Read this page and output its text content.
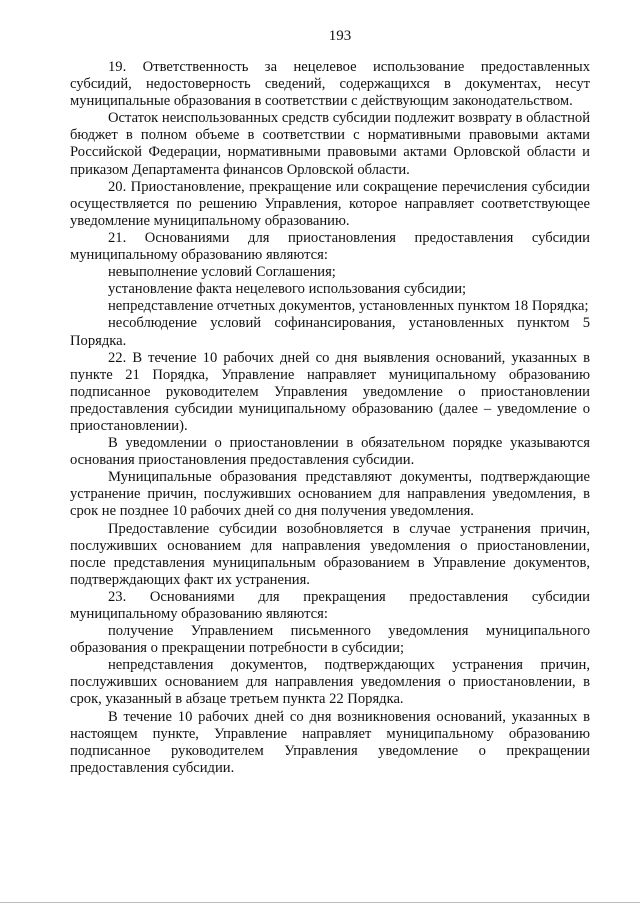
193

19. Ответственность за нецелевое использование предоставленных субсидий, недостоверность сведений, содержащихся в документах, несут муниципальные образования в соответствии с действующим законодательством.

Остаток неиспользованных средств субсидии подлежит возврату в областной бюджет в полном объеме в соответствии с нормативными правовыми актами Российской Федерации, нормативными правовыми актами Орловской области и приказом Департамента финансов Орловской области.

20. Приостановление, прекращение или сокращение перечисления субсидии осуществляется по решению Управления, которое направляет соответствующее уведомление муниципальному образованию.

21. Основаниями для приостановления предоставления субсидии муниципальному образованию являются:

невыполнение условий Соглашения;

установление факта нецелевого использования субсидии;

непредставление отчетных документов, установленных пунктом 18 Порядка;

несоблюдение условий софинансирования, установленных пунктом 5 Порядка.

22. В течение 10 рабочих дней со дня выявления оснований, указанных в пункте 21 Порядка, Управление направляет муниципальному образованию подписанное руководителем Управления уведомление о приостановлении предоставления субсидии муниципальному образованию (далее – уведомление о приостановлении).

В уведомлении о приостановлении в обязательном порядке указываются основания приостановления предоставления субсидии.

Муниципальные образования представляют документы, подтверждающие устранение причин, послуживших основанием для направления уведомления, в срок не позднее 10 рабочих дней со дня получения уведомления.

Предоставление субсидии возобновляется в случае устранения причин, послуживших основанием для направления уведомления о приостановлении, после представления муниципальным образованием в Управление документов, подтверждающих факт их устранения.

23. Основаниями для прекращения предоставления субсидии муниципальному образованию являются:

получение Управлением письменного уведомления муниципального образования о прекращении потребности в субсидии;

непредставления документов, подтверждающих устранения причин, послуживших основанием для направления уведомления о приостановлении, в срок, указанный в абзаце третьем пункта 22 Порядка.

В течение 10 рабочих дней со дня возникновения оснований, указанных в настоящем пункте, Управление направляет муниципальному образованию подписанное руководителем Управления уведомление о прекращении предоставления субсидии.
